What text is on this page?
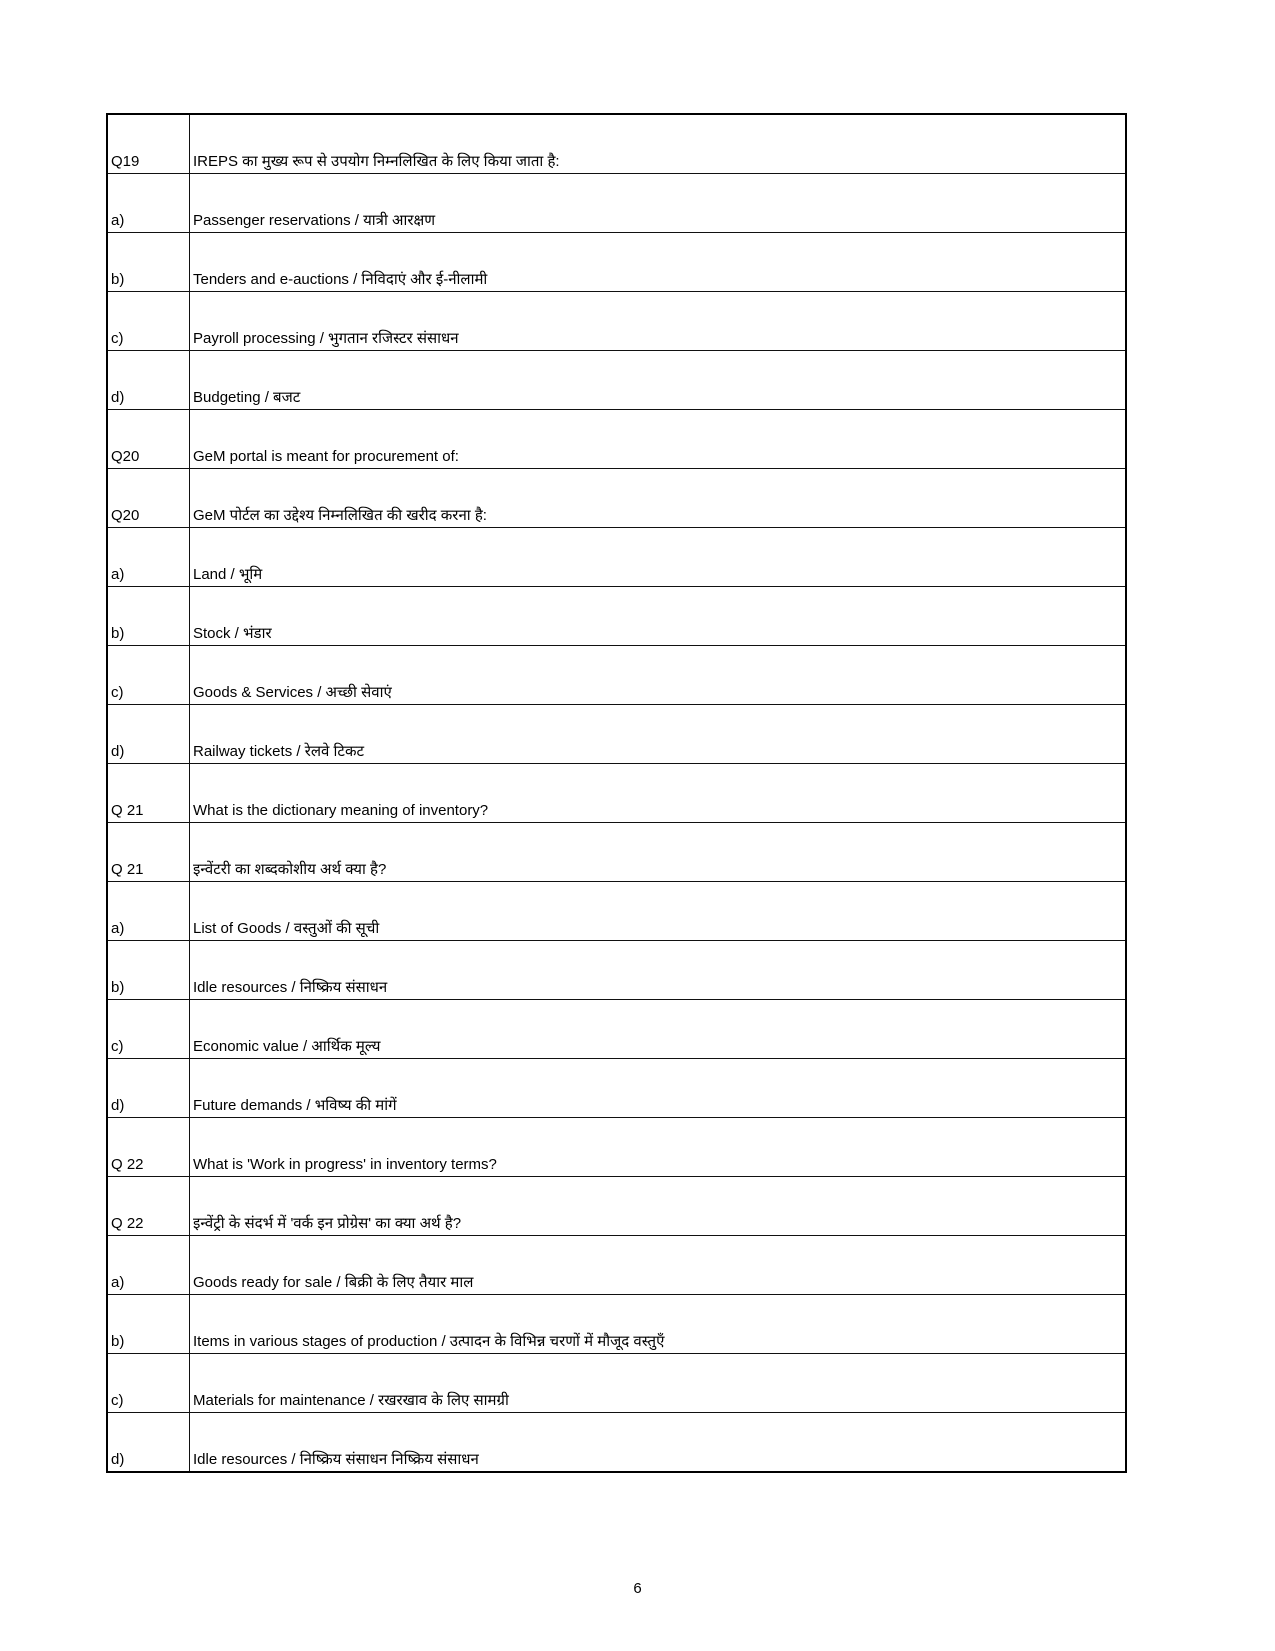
Q19	IREPS का मुख्य रूप से उपयोग निम्नलिखित के लिए किया जाता है:
a)	Passenger reservations / यात्री आरक्षण
b)	Tenders and e-auctions / निविदाएं और ई-नीलामी
c)	Payroll processing / भुगतान रजिस्टर संसाधन
d)	Budgeting / बजट
Q20	GeM portal is meant for procurement of:
Q20	GeM पोर्टल का उद्देश्य निम्नलिखित की खरीद करना है:
a)	Land / भूमि
b)	Stock / भंडार
c)	Goods & Services / अच्छी सेवाएं
d)	Railway tickets / रेलवे टिकट
Q 21	What is the dictionary meaning of inventory?
Q 21	इन्वेंटरी का शब्दकोशीय अर्थ क्या है?
a)	List of Goods / वस्तुओं की सूची
b)	Idle resources / निष्क्रिय संसाधन
c)	Economic value / आर्थिक मूल्य
d)	Future demands / भविष्य की मांगें
Q 22	What is 'Work in progress' in inventory terms?
Q 22	इन्वेंट्री के संदर्भ में 'वर्क इन प्रोग्रेस' का क्या अर्थ है?
a)	Goods ready for sale / बिक्री के लिए तैयार माल
b)	Items in various stages of production / उत्पादन के विभिन्न चरणों में मौजूद वस्तुएँ
c)	Materials for maintenance / रखरखाव के लिए सामग्री
d)	Idle resources / निष्क्रिय संसाधन निष्क्रिय संसाधन
6
